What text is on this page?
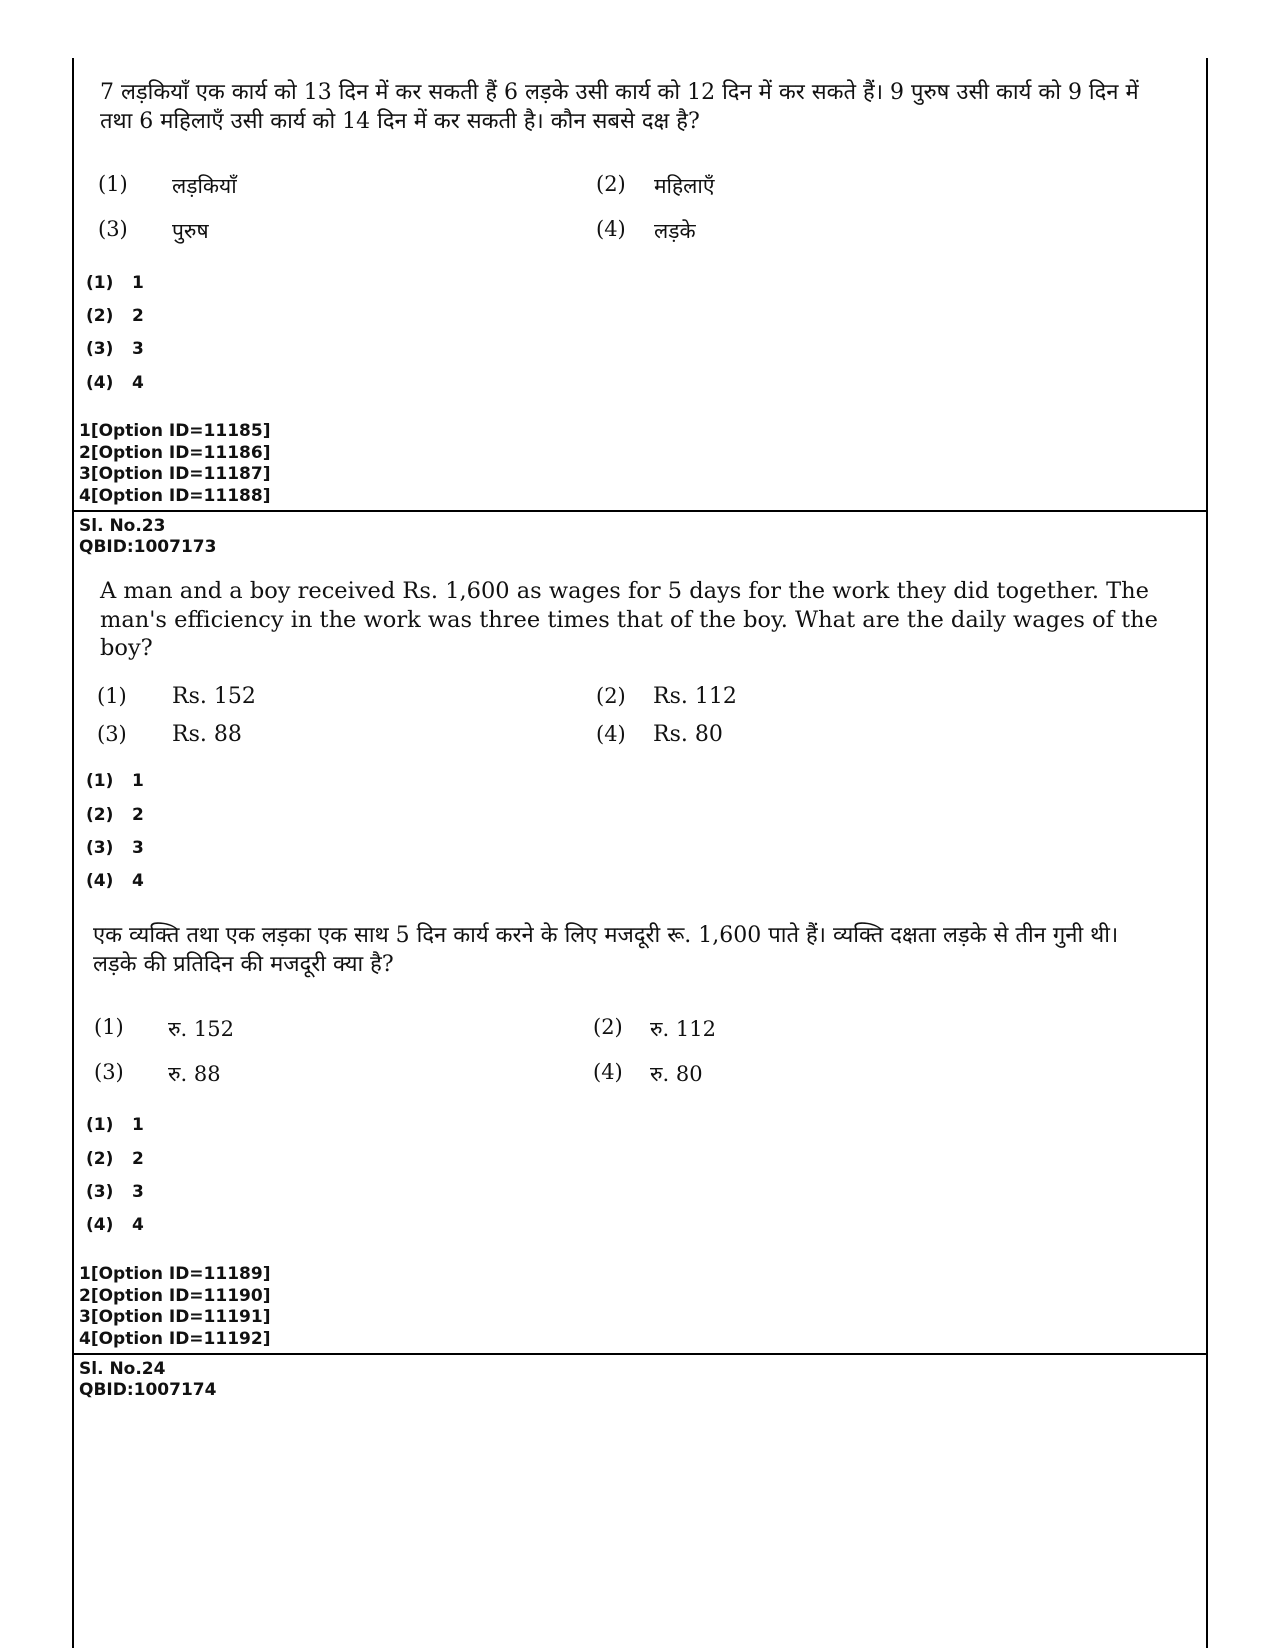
7 लड़कियाँ एक कार्य को 13 दिन में कर सकती हैं 6 लड़के उसी कार्य को 12 दिन में कर सकते हैं। 9 पुरुष उसी कार्य को 9 दिन में तथा 6 महिलाएँ उसी कार्य को 14 दिन में कर सकती है। कौन सबसे दक्ष है?
(1) लड़कियाँ	(2) महिलाएँ
(3) पुरुष	(4) लड़के
(1) 1
(2) 2
(3) 3
(4) 4
1[Option ID=11185]
2[Option ID=11186]
3[Option ID=11187]
4[Option ID=11188]
Sl. No.23
QBID:1007173
A man and a boy received Rs. 1,600 as wages for 5 days for the work they did together. The man's efficiency in the work was three times that of the boy. What are the daily wages of the boy?
(1) Rs. 152	(2) Rs. 112
(3) Rs. 88	(4) Rs. 80
(1) 1
(2) 2
(3) 3
(4) 4
एक व्यक्ति तथा एक लड़का एक साथ 5 दिन कार्य करने के लिए मजदूरी रू. 1,600 पाते हैं। व्यक्ति दक्षता लड़के से तीन गुनी थी। लड़के की प्रतिदिन की मजदूरी क्या है?
(1) रु. 152	(2) रु. 112
(3) रु. 88	(4) रु. 80
(1) 1
(2) 2
(3) 3
(4) 4
1[Option ID=11189]
2[Option ID=11190]
3[Option ID=11191]
4[Option ID=11192]
Sl. No.24
QBID:1007174
